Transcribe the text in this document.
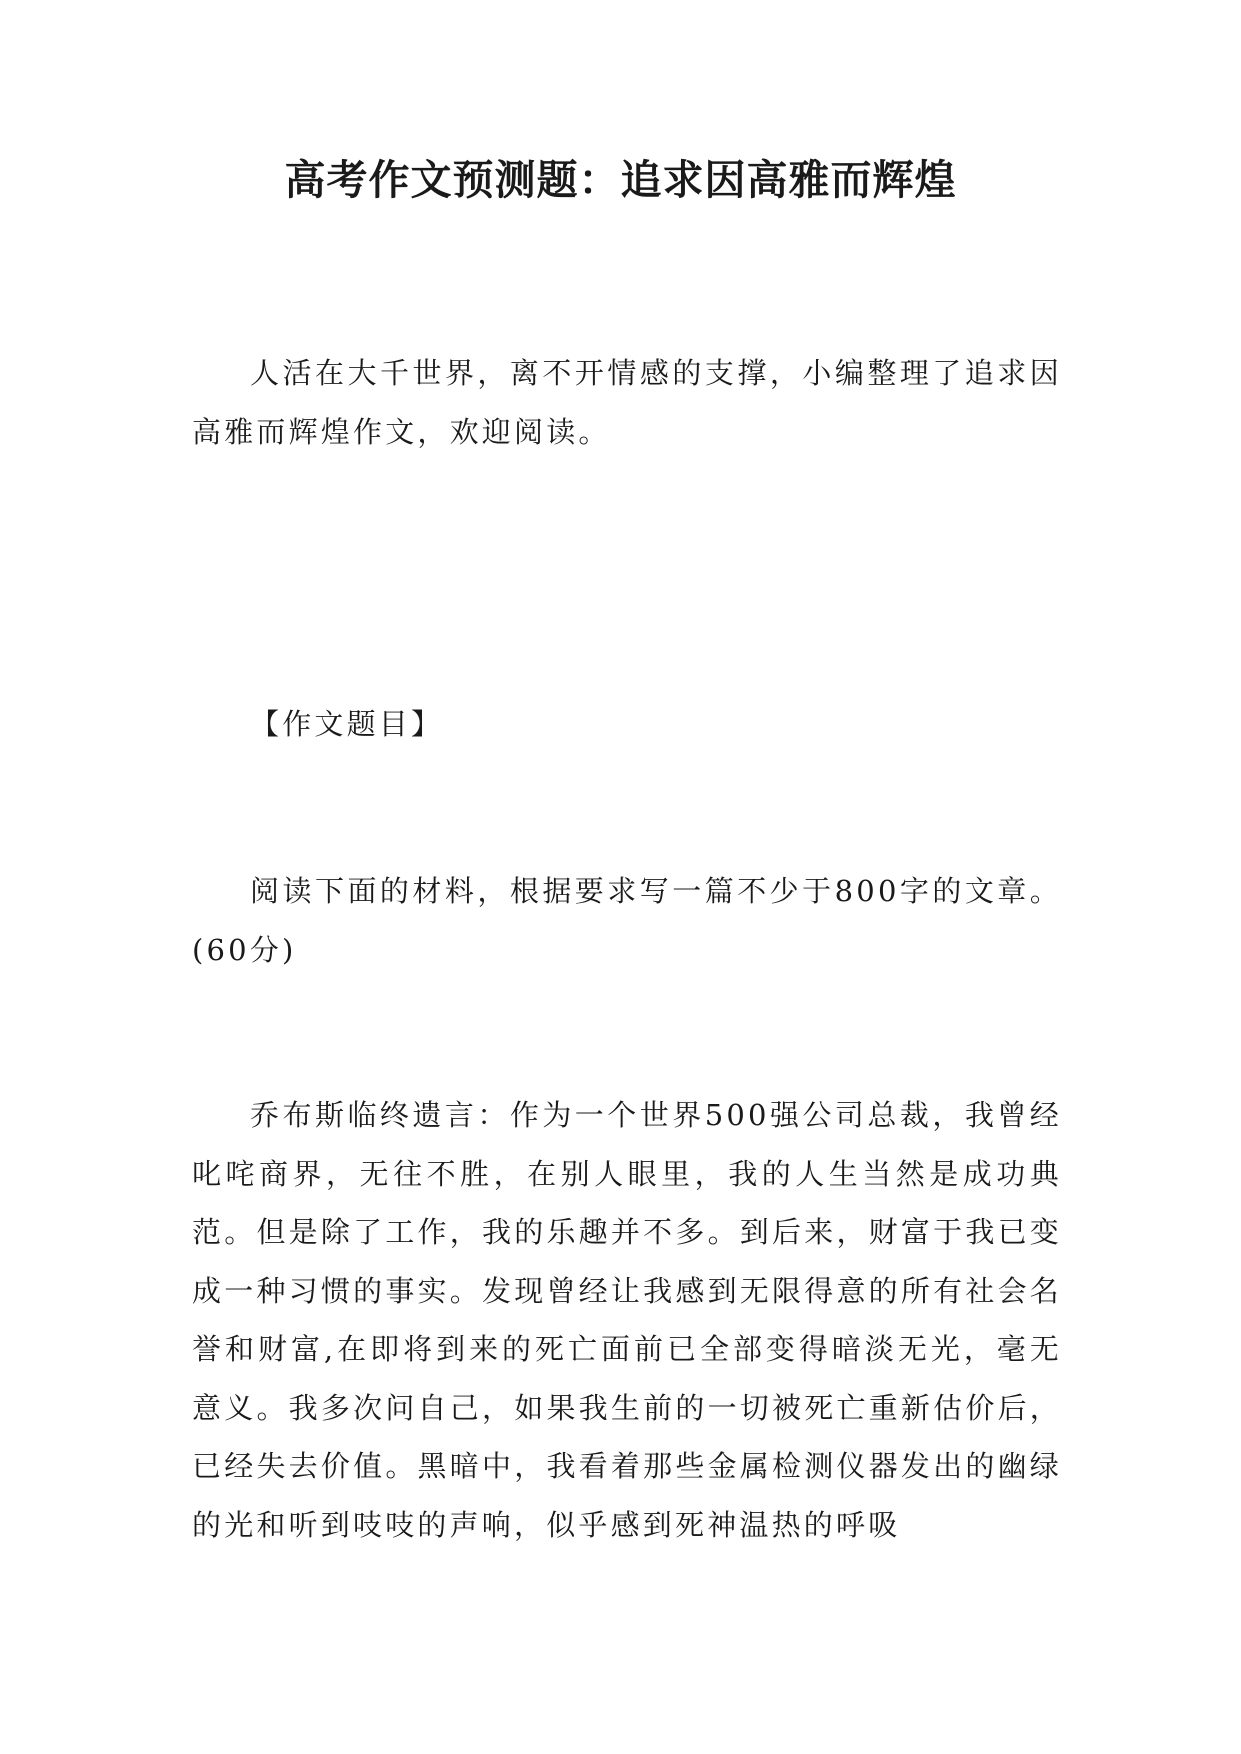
高考作文预测题：追求因高雅而辉煌

人活在大千世界，离不开情感的支撑，小编整理了追求因高雅而辉煌作文，欢迎阅读。

【作文题目】

阅读下面的材料，根据要求写一篇不少于800字的文章。(60分)

乔布斯临终遗言：作为一个世界500强公司总裁，我曾经叱咤商界，无往不胜，在别人眼里，我的人生当然是成功典范。但是除了工作，我的乐趣并不多。到后来，财富于我已变成一种习惯的事实。发现曾经让我感到无限得意的所有社会名誉和财富,在即将到来的死亡面前已全部变得暗淡无光，毫无意义。我多次问自己，如果我生前的一切被死亡重新估价后，已经失去价值。黑暗中，我看着那些金属检测仪器发出的幽绿的光和听到吱吱的声响，似乎感到死神温热的呼吸
